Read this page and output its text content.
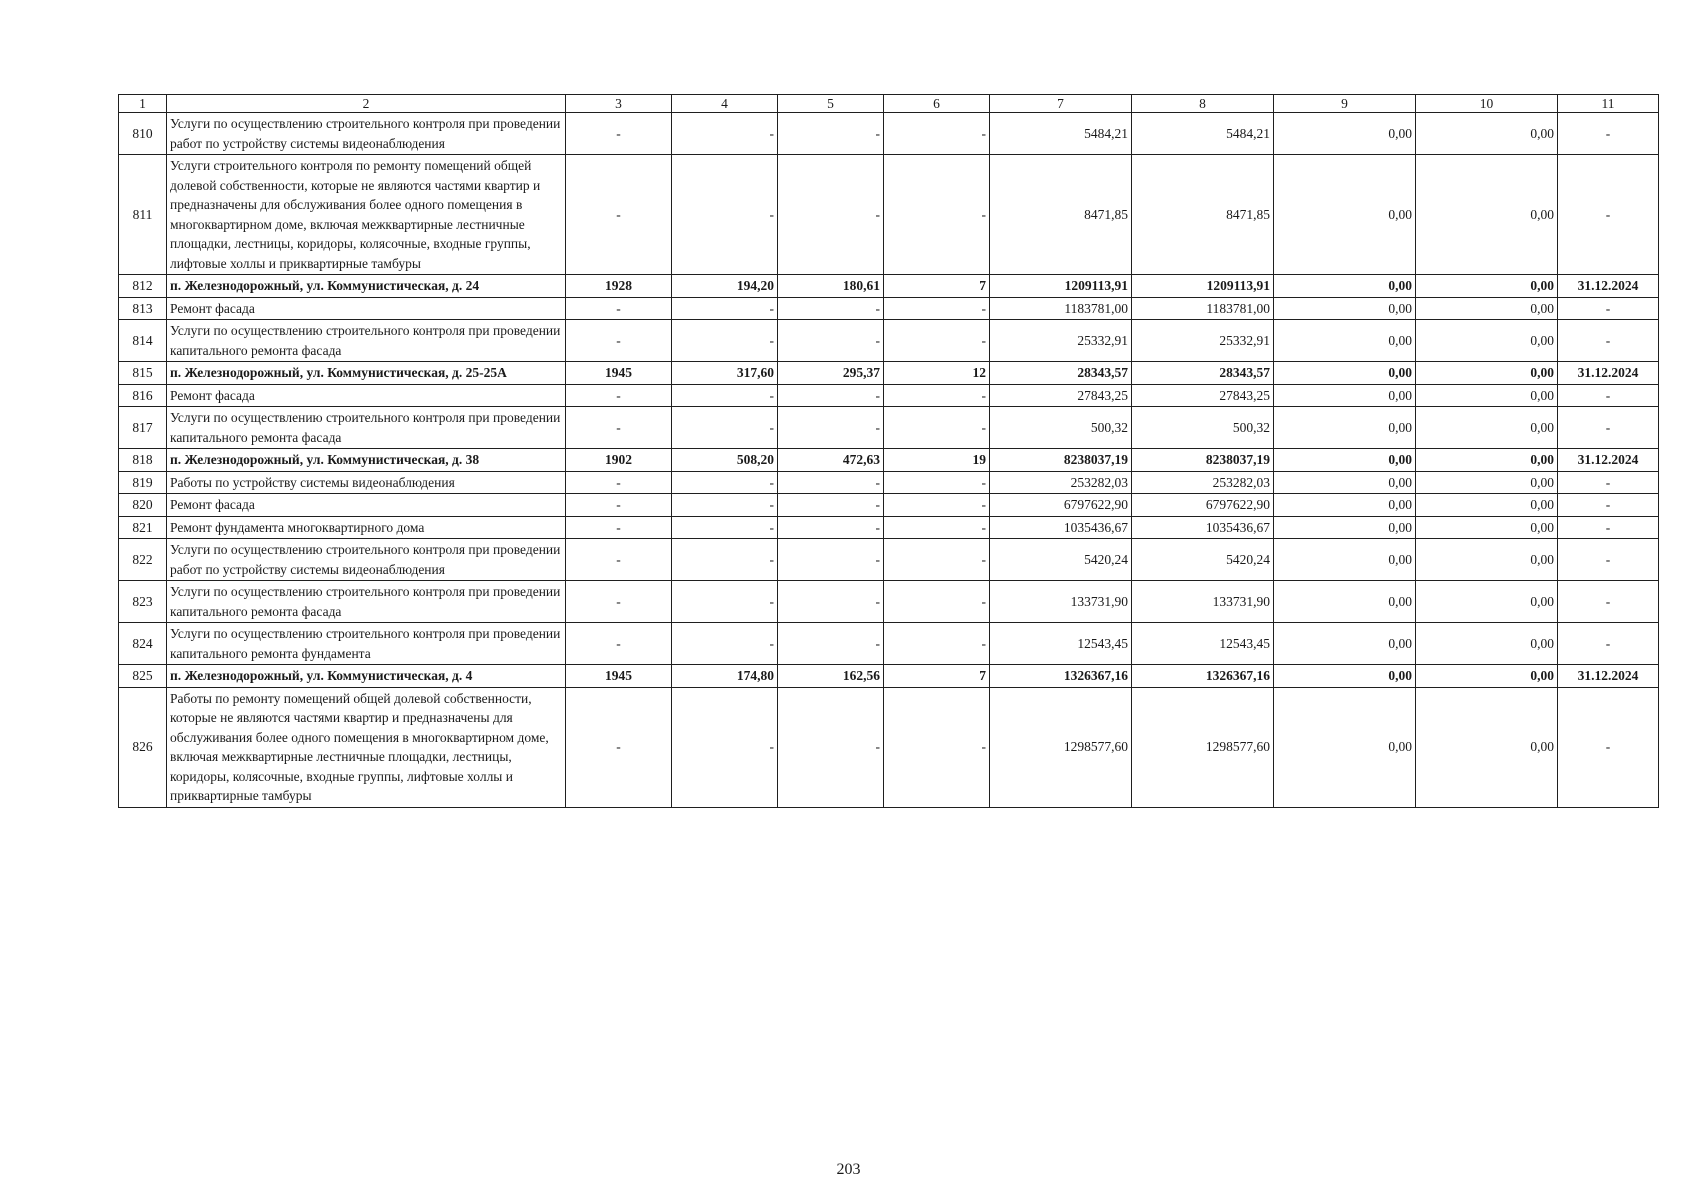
1	2	3	4	5	6	7	8	9	10	11
810	Услуги по осуществлению строительного контроля при проведении работ по устройству системы видеонаблюдения	-	-	-	-	5484,21	5484,21	0,00	0,00	-
811	Услуги строительного контроля по ремонту помещений общей долевой собственности, которые не являются частями квартир и предназначены для обслуживания более одного помещения в многоквартирном доме, включая межквартирные лестничные площадки, лестницы, коридоры, колясочные, входные группы, лифтовые холлы и приквартирные тамбуры	-	-	-	-	8471,85	8471,85	0,00	0,00	-
812	п. Железнодорожный, ул. Коммунистическая, д. 24	1928	194,20	180,61	7	1209113,91	1209113,91	0,00	0,00	31.12.2024
813	Ремонт фасада	-	-	-	-	1183781,00	1183781,00	0,00	0,00	-
814	Услуги по осуществлению строительного контроля при проведении капитального ремонта фасада	-	-	-	-	25332,91	25332,91	0,00	0,00	-
815	п. Железнодорожный, ул. Коммунистическая, д. 25-25А	1945	317,60	295,37	12	28343,57	28343,57	0,00	0,00	31.12.2024
816	Ремонт фасада	-	-	-	-	27843,25	27843,25	0,00	0,00	-
817	Услуги по осуществлению строительного контроля при проведении капитального ремонта фасада	-	-	-	-	500,32	500,32	0,00	0,00	-
818	п. Железнодорожный, ул. Коммунистическая, д. 38	1902	508,20	472,63	19	8238037,19	8238037,19	0,00	0,00	31.12.2024
819	Работы по устройству системы видеонаблюдения	-	-	-	-	253282,03	253282,03	0,00	0,00	-
820	Ремонт фасада	-	-	-	-	6797622,90	6797622,90	0,00	0,00	-
821	Ремонт фундамента многоквартирного дома	-	-	-	-	1035436,67	1035436,67	0,00	0,00	-
822	Услуги по осуществлению строительного контроля при проведении работ по устройству системы видеонаблюдения	-	-	-	-	5420,24	5420,24	0,00	0,00	-
823	Услуги по осуществлению строительного контроля при проведении капитального ремонта фасада	-	-	-	-	133731,90	133731,90	0,00	0,00	-
824	Услуги по осуществлению строительного контроля при проведении капитального ремонта фундамента	-	-	-	-	12543,45	12543,45	0,00	0,00	-
825	п. Железнодорожный, ул. Коммунистическая, д. 4	1945	174,80	162,56	7	1326367,16	1326367,16	0,00	0,00	31.12.2024
826	Работы по ремонту помещений общей долевой собственности, которые не являются частями квартир и предназначены для обслуживания более одного помещения в многоквартирном доме, включая межквартирные лестничные площадки, лестницы, коридоры, колясочные, входные группы, лифтовые холлы и приквартирные тамбуры	-	-	-	-	1298577,60	1298577,60	0,00	0,00	-
203
